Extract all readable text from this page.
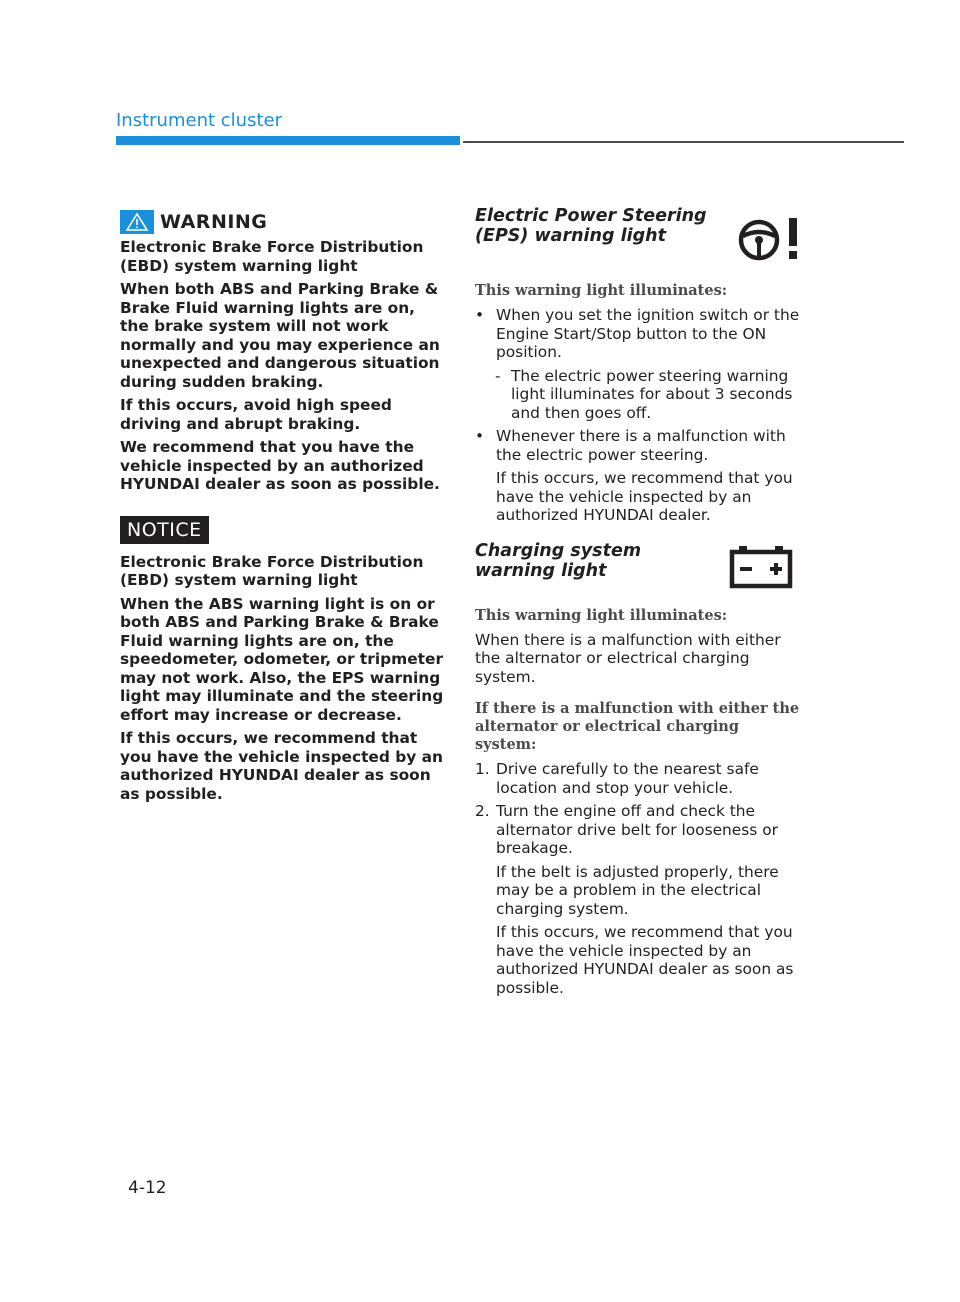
Instrument cluster
WARNING

Electronic Brake Force Distribution (EBD) system warning light

When both ABS and Parking Brake & Brake Fluid warning lights are on, the brake system will not work normally and you may experience an unexpected and dangerous situation during sudden braking.

If this occurs, avoid high speed driving and abrupt braking.

We recommend that you have the vehicle inspected by an authorized HYUNDAI dealer as soon as possible.

NOTICE

Electronic Brake Force Distribution (EBD) system warning light

When the ABS warning light is on or both ABS and Parking Brake & Brake Fluid warning lights are on, the speedometer, odometer, or tripmeter may not work. Also, the EPS warning light may illuminate and the steering effort may increase or decrease.

If this occurs, we recommend that you have the vehicle inspected by an authorized HYUNDAI dealer as soon as possible.

Electric Power Steering (EPS) warning light

This warning light illuminates:

• When you set the ignition switch or the Engine Start/Stop button to the ON position.
- The electric power steering warning light illuminates for about 3 seconds and then goes off.
• Whenever there is a malfunction with the electric power steering.

If this occurs, we recommend that you have the vehicle inspected by an authorized HYUNDAI dealer.

Charging system warning light

This warning light illuminates:

When there is a malfunction with either the alternator or electrical charging system.

If there is a malfunction with either the alternator or electrical charging system:

1. Drive carefully to the nearest safe location and stop your vehicle.
2. Turn the engine off and check the alternator drive belt for looseness or breakage.

If the belt is adjusted properly, there may be a problem in the electrical charging system.

If this occurs, we recommend that you have the vehicle inspected by an authorized HYUNDAI dealer as soon as possible.

4-12
